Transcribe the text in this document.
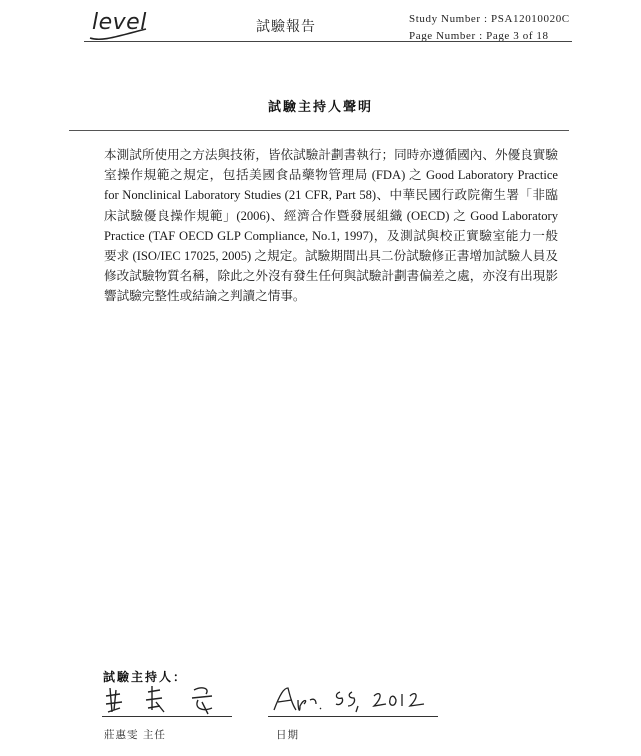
level	試驗報告	Study Number : PSA12010020C
Page Number : Page 3 of 18
試驗主持人聲明
本測試所使用之方法與技術，皆依試驗計劃書執行；同時亦遵循國內、外優良實驗室操作規範之規定，包括美國食品藥物管理局 (FDA) 之 Good Laboratory Practice for Nonclinical Laboratory Studies (21 CFR, Part 58)、中華民國行政院衛生署「非臨床試驗優良操作規範」(2006)、經濟合作暨發展組織 (OECD) 之 Good Laboratory Practice (TAF OECD GLP Compliance, No.1, 1997)，及測試與校正實驗室能力一般要求 (ISO/IEC 17025, 2005) 之規定。試驗期間出具二份試驗修正書增加試驗人員及修改試驗物質名稱，除此之外沒有發生任何與試驗計劃書偏差之處，亦沒有出現影響試驗完整性或結論之判讀之情事。
試驗主持人：
莊惠雯 主任	日期
